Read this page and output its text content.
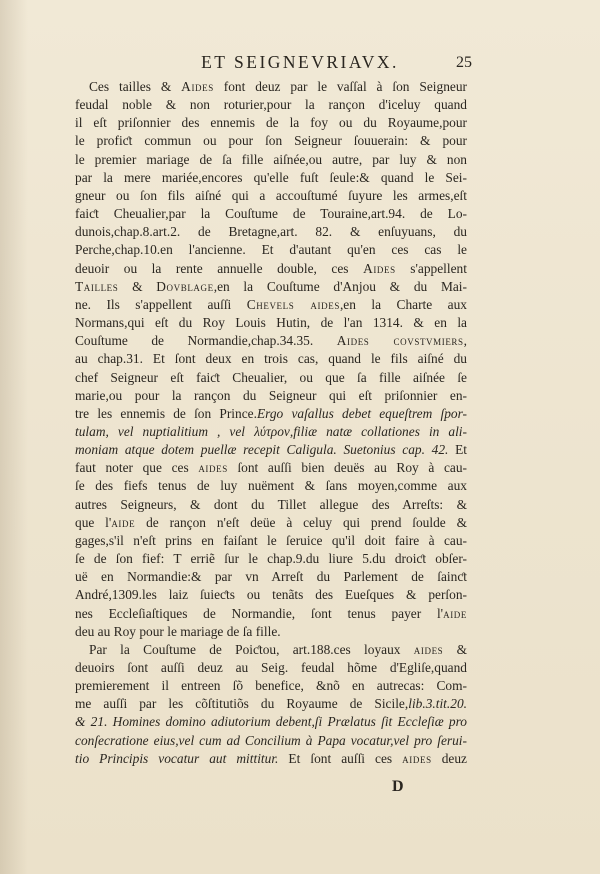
ET SEIGNEVRIAVX.	25

Ces tailles & Aides font deuz par le vaſſal à ſon Seigneur
feudal noble & non roturier,pour la rançon d'iceluy quand
il eſt priſonnier des ennemis de la foy ou du Royaume,pour
le profiƈt commun ou pour ſon Seigneur ſouuerain: & pour
le premier mariage de ſa fille aiſnée,ou autre, par luy & non
par la mere mariée,encores qu'elle fuſt ſeule:& quand le Sei-
gneur ou ſon fils aiſné qui a accouſtumé ſuyure les armes,eſt
faiƈt Cheualier,par la Couſtume de Touraine,art.94. de Lo-
dunois,chap.8.art.2. de Bretagne,art. 82. & enſuyuans, du
Perche,chap.10.en l'ancienne. Et d'autant qu'en ces cas le
deuoir ou la rente annuelle double, ces Aides s'appellent
Tailles & Dovblage,en la Couſtume d'Anjou & du Mai-
ne. Ils s'appellent auſſi Chevels aides,en la Charte aux
Normans,qui eſt du Roy Louis Hutin, de l'an 1314. & en la
Couſtume de Normandie,chap.34.35. Aides covstvmiers,
au chap.31. Et ſont deux en trois cas, quand le fils aiſné du
chef Seigneur eſt faiƈt Cheualier, ou que ſa fille aiſnée ſe
marie,ou pour la rançon du Seigneur qui eſt priſonnier en-
tre les ennemis de ſon Prince.Ergo vaſallus debet equeſtrem ſpor-
tulam, vel nuptialitium , vel λύτρον,filiæ natæ collationes in ali-
moniam atque dotem puellæ recepit Caligula. Suetonius cap. 42. Et
faut noter que ces aides ſont auſſi bien deuës au Roy à cau-
ſe des fiefs tenus de luy nuëment & ſans moyen,comme aux
autres Seigneurs, & dont du Tillet allegue des Arreſts: &
que l'aide de rançon n'eſt deüe à celuy qui prend ſoulde &
gages,s'il n'eſt prins en faiſant le ſeruice qu'il doit faire à cau-
ſe de ſon fief: T erriẽ ſur le chap.9.du liure 5.du droiƈt obſer-
uë en Normandie:& par vn Arreſt du Parlement de ſainƈt
André,1309.les laiz ſuieƈts ou tenãts des Eueſques & perſon-
nes Eccleſiaſtiques de Normandie, ſont tenus payer l'aide
deu au Roy pour le mariage de ſa fille.

Par la Couſtume de Poiƈtou, art.188.ces loyaux aides &
deuoirs ſont auſſi deuz au Seig. feudal hõme d'Egliſe,quand
premierement il entreen ſõ benefice, &nõ en autrecas: Com-
me auſſi par les cõſtitutiõs du Royaume de Sicile,lib.3.tit.20.
& 21. Homines domino adiutorium debent,ſi Prælatus ſit Eccleſiæ pro
conſecratione eius,vel cum ad Concilium à Papa vocatur,vel pro ſerui-
tio Principis vocatur aut mittitur. Et ſont auſſi ces aides deuz

D
